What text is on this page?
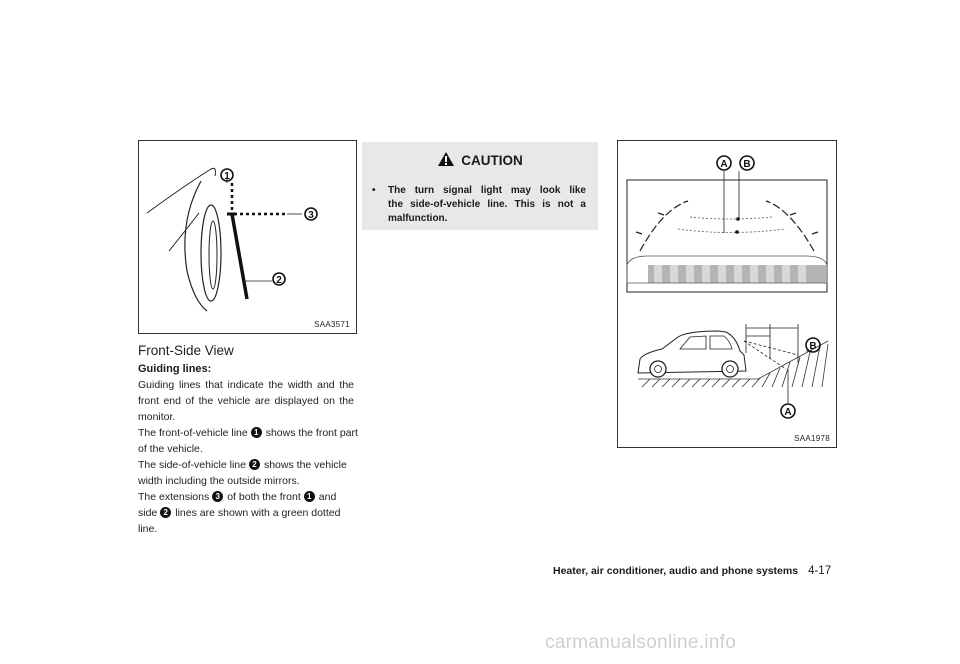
1
2
3
SAA3571
Front-Side View
Guiding lines:
Guiding lines that indicate the width and the
front end of the vehicle are displayed on the
monitor.
The front-of-vehicle line 1 shows the front part
of the vehicle.
The side-of-vehicle line 2 shows the vehicle
width including the outside mirrors.
The extensions 3 of both the front 1 and
side 2 lines are shown with a green dotted
line.
CAUTION
• The turn signal light may look like
the side-of-vehicle line. This is not a
malfunction.
A B
B
A
SAA1978
Heater, air conditioner, audio and phone systems 4-17
carmanualsonline.info
